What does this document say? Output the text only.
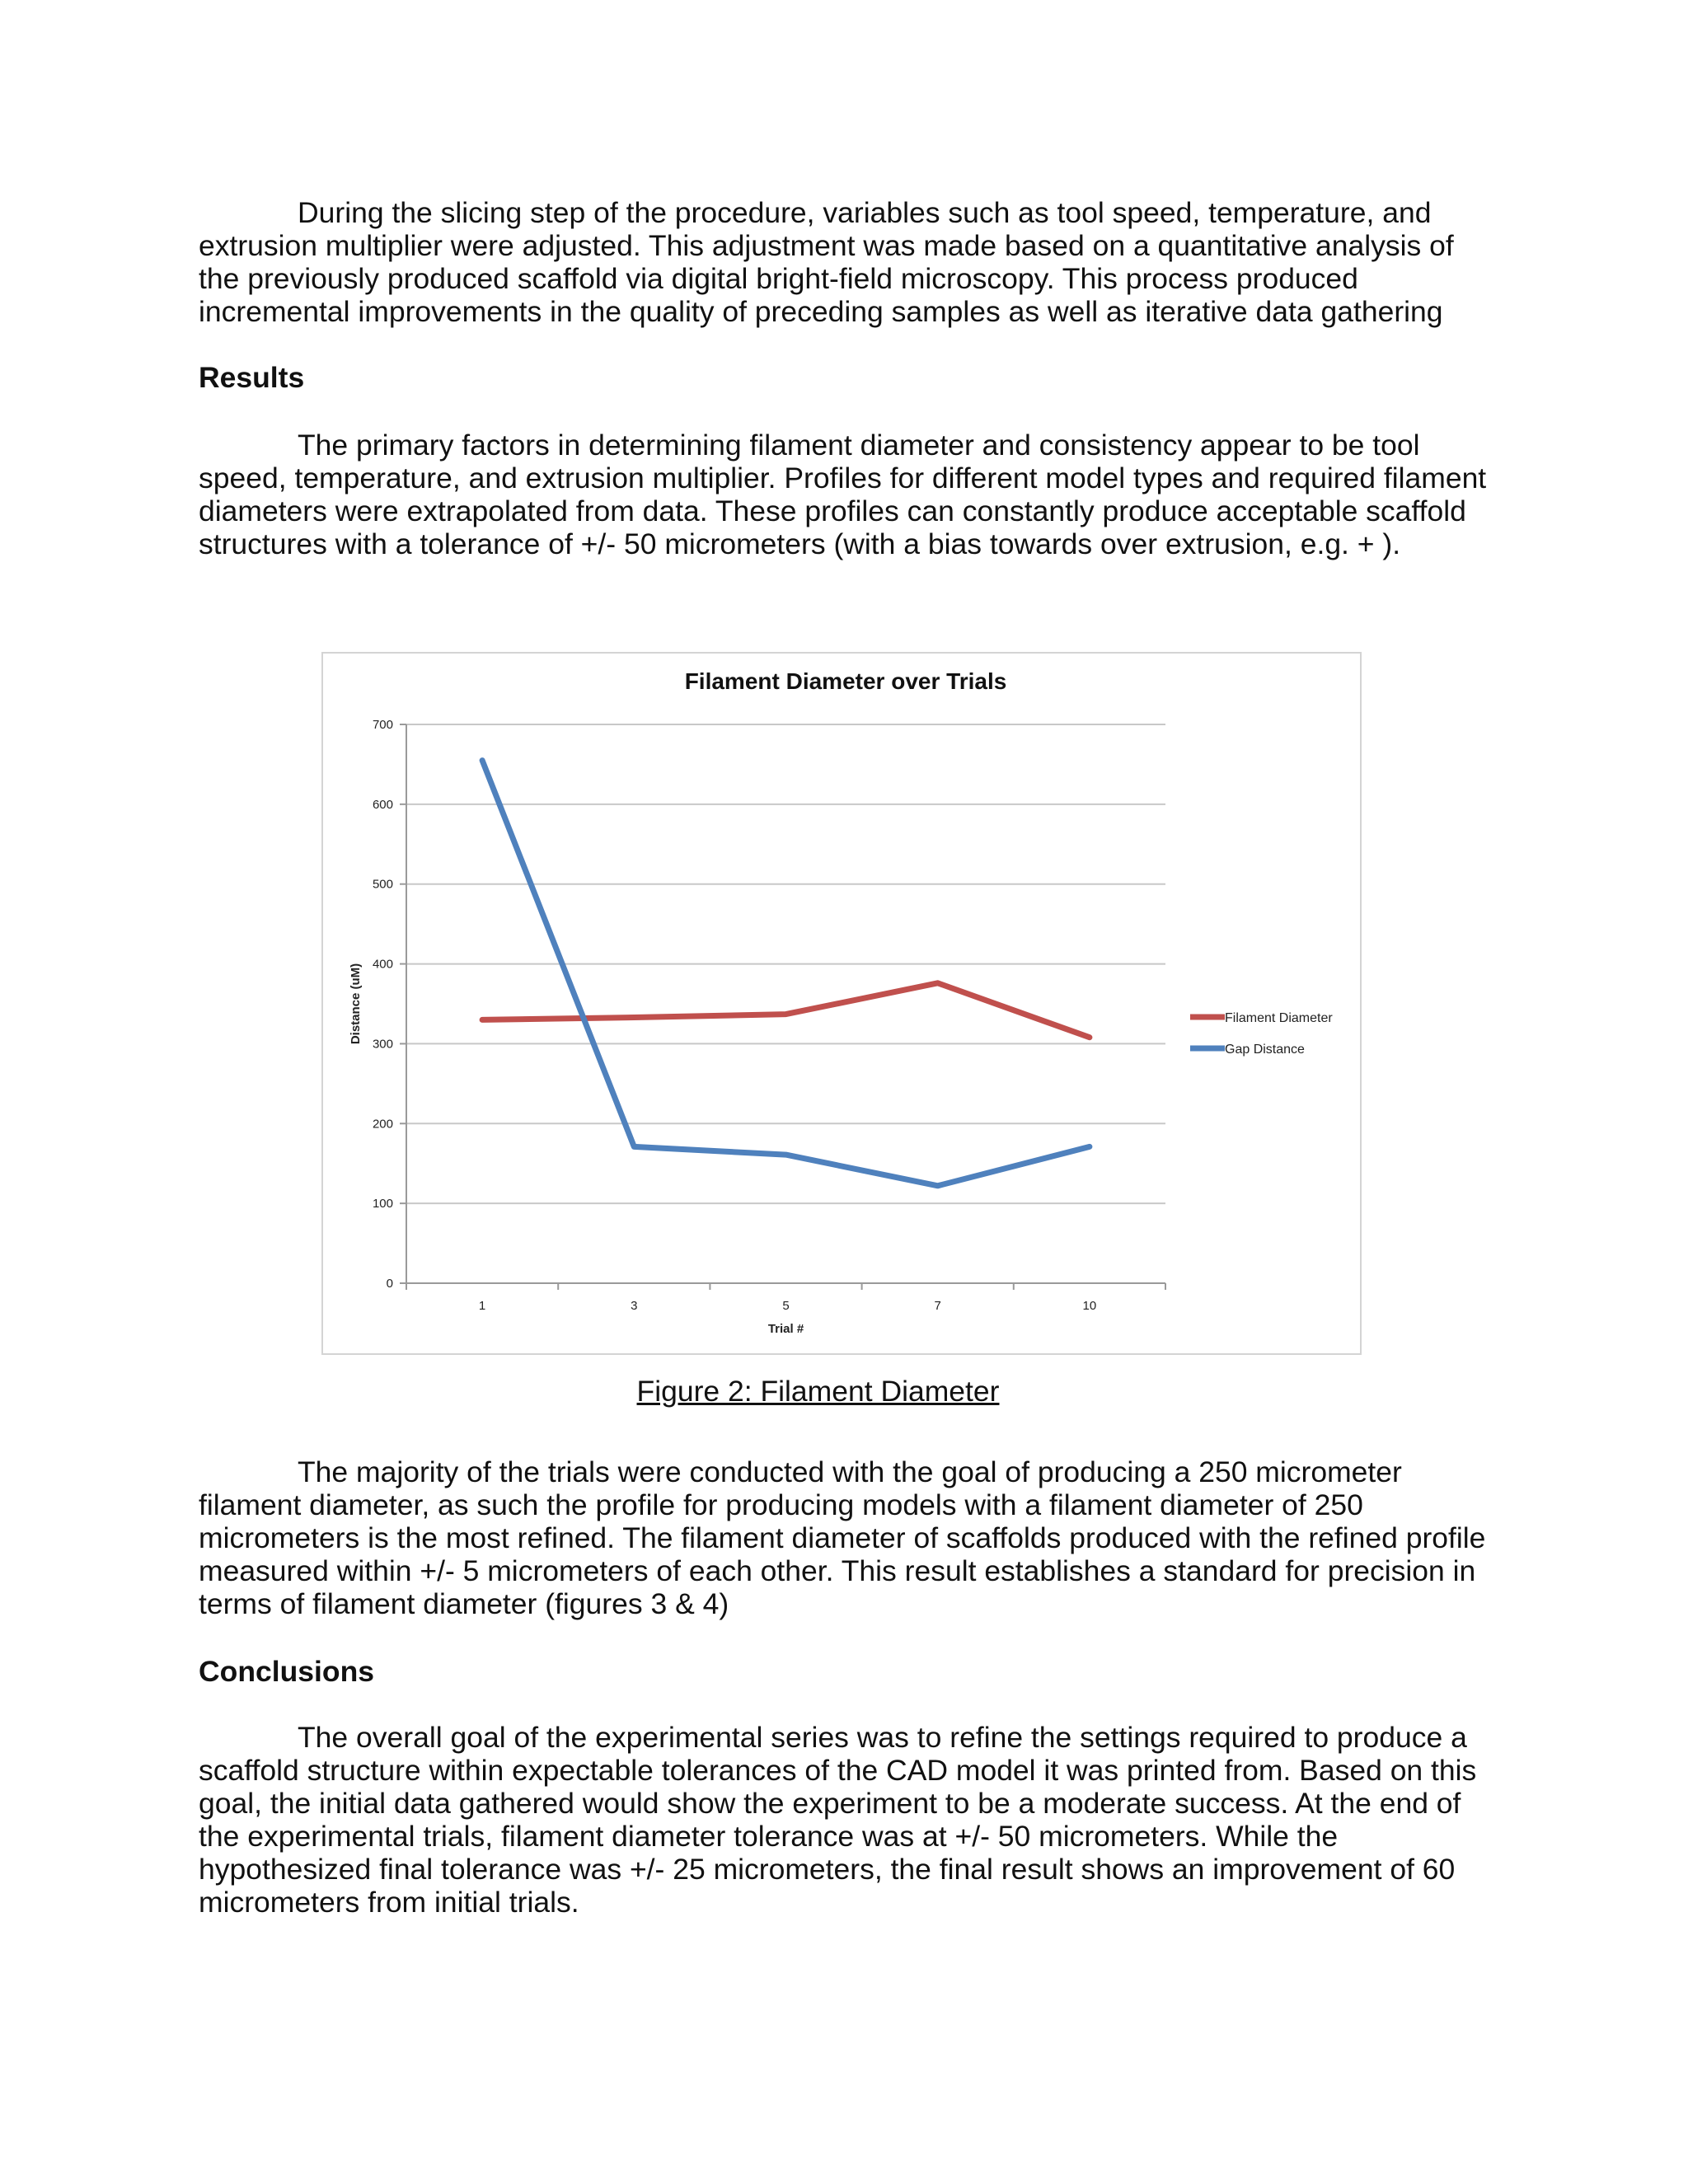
During the slicing step of the procedure, variables such as tool speed, temperature, and extrusion multiplier were adjusted. This adjustment was made based on a quantitative analysis of the previously produced scaffold via digital bright-field microscopy. This process produced incremental improvements in the quality of preceding samples as well as iterative data gathering

Results

The primary factors in determining filament diameter and consistency appear to be tool speed, temperature, and extrusion multiplier. Profiles for different model types and required filament diameters were extrapolated from data. These profiles can constantly produce acceptable scaffold structures with a tolerance of +/- 50 micrometers (with a bias towards over extrusion, e.g. + ).

Filament Diameter over Trials
0
100
200
300
400
500
600
700
1	3	5	7	10
Trial #
Distance (uM)	Filament Diameter
Gap Distance

Figure 2: Filament Diameter

The majority of the trials were conducted with the goal of producing a 250 micrometer filament diameter, as such the profile for producing models with a filament diameter of 250 micrometers is the most refined. The filament diameter of scaffolds produced with the refined profile measured within +/- 5 micrometers of each other. This result establishes a standard for precision in terms of filament diameter (figures 3 & 4)

Conclusions

The overall goal of the experimental series was to refine the settings required to produce a scaffold structure within expectable tolerances of the CAD model it was printed from. Based on this goal, the initial data gathered would show the experiment to be a moderate success. At the end of the experimental trials, filament diameter tolerance was at +/- 50 micrometers. While the hypothesized final tolerance was +/- 25 micrometers, the final result shows an improvement of 60 micrometers from initial trials.
